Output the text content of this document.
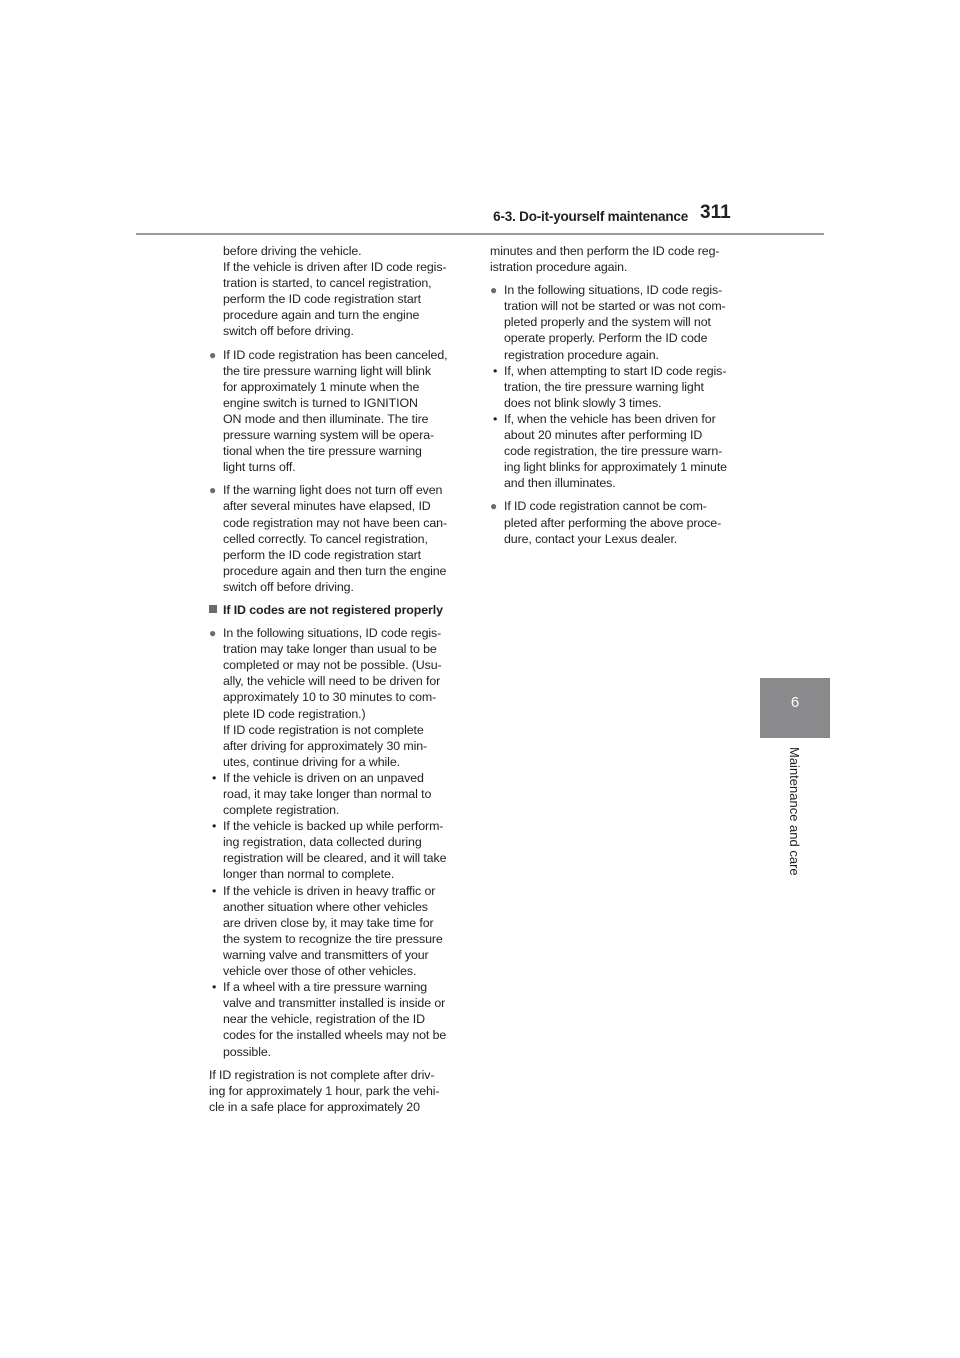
6-3. Do-it-yourself maintenance 311
6
Maintenance and care

before driving the vehicle.
If the vehicle is driven after ID code regis-
tration is started, to cancel registration,
perform the ID code registration start
procedure again and turn the engine
switch off before driving.

● If ID code registration has been canceled,
the tire pressure warning light will blink
for approximately 1 minute when the
engine switch is turned to IGNITION
ON mode and then illuminate. The tire
pressure warning system will be opera-
tional when the tire pressure warning
light turns off.
● If the warning light does not turn off even
after several minutes have elapsed, ID
code registration may not have been can-
celled correctly. To cancel registration,
perform the ID code registration start
procedure again and then turn the engine
switch off before driving.
If ID codes are not registered properly
● In the following situations, ID code regis-
tration may take longer than usual to be
completed or may not be possible. (Usu-
ally, the vehicle will need to be driven for
approximately 10 to 30 minutes to com-
plete ID code registration.)
If ID code registration is not complete
after driving for approximately 30 min-
utes, continue driving for a while.
• If the vehicle is driven on an unpaved
road, it may take longer than normal to
complete registration.
• If the vehicle is backed up while perform-
ing registration, data collected during
registration will be cleared, and it will take
longer than normal to complete.
• If the vehicle is driven in heavy traffic or
another situation where other vehicles
are driven close by, it may take time for
the system to recognize the tire pressure
warning valve and transmitters of your
vehicle over those of other vehicles.
• If a wheel with a tire pressure warning
valve and transmitter installed is inside or
near the vehicle, registration of the ID
codes for the installed wheels may not be
possible.

If ID registration is not complete after driv-
ing for approximately 1 hour, park the vehi-
cle in a safe place for approximately 20

minutes and then perform the ID code reg-
istration procedure again.

● In the following situations, ID code regis-
tration will not be started or was not com-
pleted properly and the system will not
operate properly. Perform the ID code
registration procedure again.
• If, when attempting to start ID code regis-
tration, the tire pressure warning light
does not blink slowly 3 times.
• If, when the vehicle has been driven for
about 20 minutes after performing ID
code registration, the tire pressure warn-
ing light blinks for approximately 1 minute
and then illuminates.
● If ID code registration cannot be com-
pleted after performing the above proce-
dure, contact your Lexus dealer.
